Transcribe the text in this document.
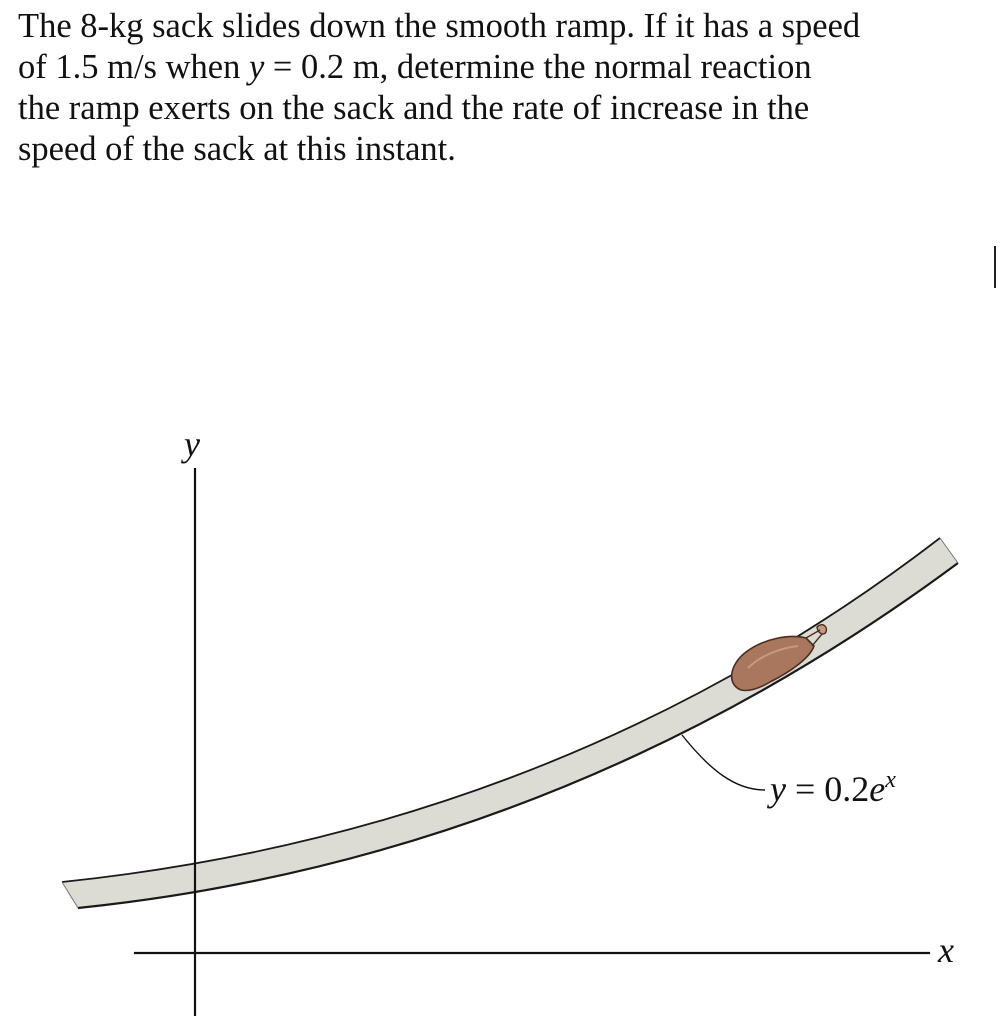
The 8-kg sack slides down the smooth ramp. If it has a speed
of 1.5 m/s when y = 0.2 m, determine the normal reaction
the ramp exerts on the sack and the rate of increase in the
speed of the sack at this instant.
y
x
$y = 0.2e^x$
